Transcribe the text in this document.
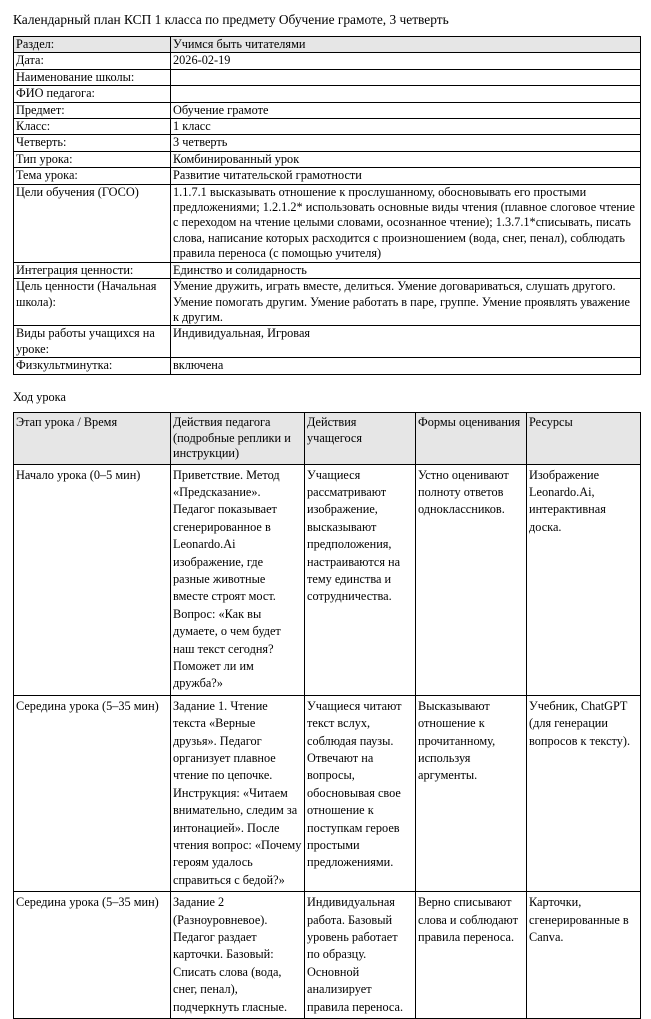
Календарный план КСП 1 класса по предмету Обучение грамоте, 3 четверть
Раздел:	Учимся быть читателями
Дата:	2026-02-19
Наименование школы:	
ФИО педагога:	
Предмет:	Обучение грамоте
Класс:	1 класс
Четверть:	3 четверть
Тип урока:	Комбинированный урок
Тема урока:	Развитие читательской грамотности
Цели обучения (ГОСО)	1.1.7.1 высказывать отношение к прослушанному, обосновывать его простыми предложениями; 1.2.1.2* использовать основные виды чтения (плавное слоговое чтение с переходом на чтение целыми словами, осознанное чтение); 1.3.7.1*списывать, писать слова, написание которых расходится с произношением (вода, снег, пенал), соблюдать правила переноса (с помощью учителя)
Интеграция ценности:	Единство и солидарность
Цель ценности (Начальная школа):	Умение дружить, играть вместе, делиться. Умение договариваться, слушать другого. Умение помогать другим. Умение работать в паре, группе. Умение проявлять уважение к другим.
Виды работы учащихся на уроке:	Индивидуальная, Игровая
Физкультминутка:	включена
Ход урока
Этап урока / Время	Действия педагога (подробные реплики и инструкции)	Действия учащегося	Формы оценивания	Ресурсы
Начало урока (0–5 мин)	Приветствие. Метод «Предсказание». Педагог показывает сгенерированное в Leonardo.Ai изображение, где разные животные вместе строят мост. Вопрос: «Как вы думаете, о чем будет наш текст сегодня? Поможет ли им дружба?»	Учащиеся рассматривают изображение, высказывают предположения, настраиваются на тему единства и сотрудничества.	Устно оценивают полноту ответов одноклассников.	Изображение Leonardo.Ai, интерактивная доска.
Середина урока (5–35 мин)	Задание 1. Чтение текста «Верные друзья». Педагог организует плавное чтение по цепочке. Инструкция: «Читаем внимательно, следим за интонацией». После чтения вопрос: «Почему героям удалось справиться с бедой?»	Учащиеся читают текст вслух, соблюдая паузы. Отвечают на вопросы, обосновывая свое отношение к поступкам героев простыми предложениями.	Высказывают отношение к прочитанному, используя аргументы.	Учебник, ChatGPT (для генерации вопросов к тексту).
Середина урока (5–35 мин)	Задание 2 (Разноуровневое). Педагог раздает карточки. Базовый: Списать слова (вода, снег, пенал), подчеркнуть гласные.	Индивидуальная работа. Базовый уровень работает по образцу. Основной анализирует правила переноса.	Верно списывают слова и соблюдают правила переноса.	Карточки, сгенерированные в Canva.
